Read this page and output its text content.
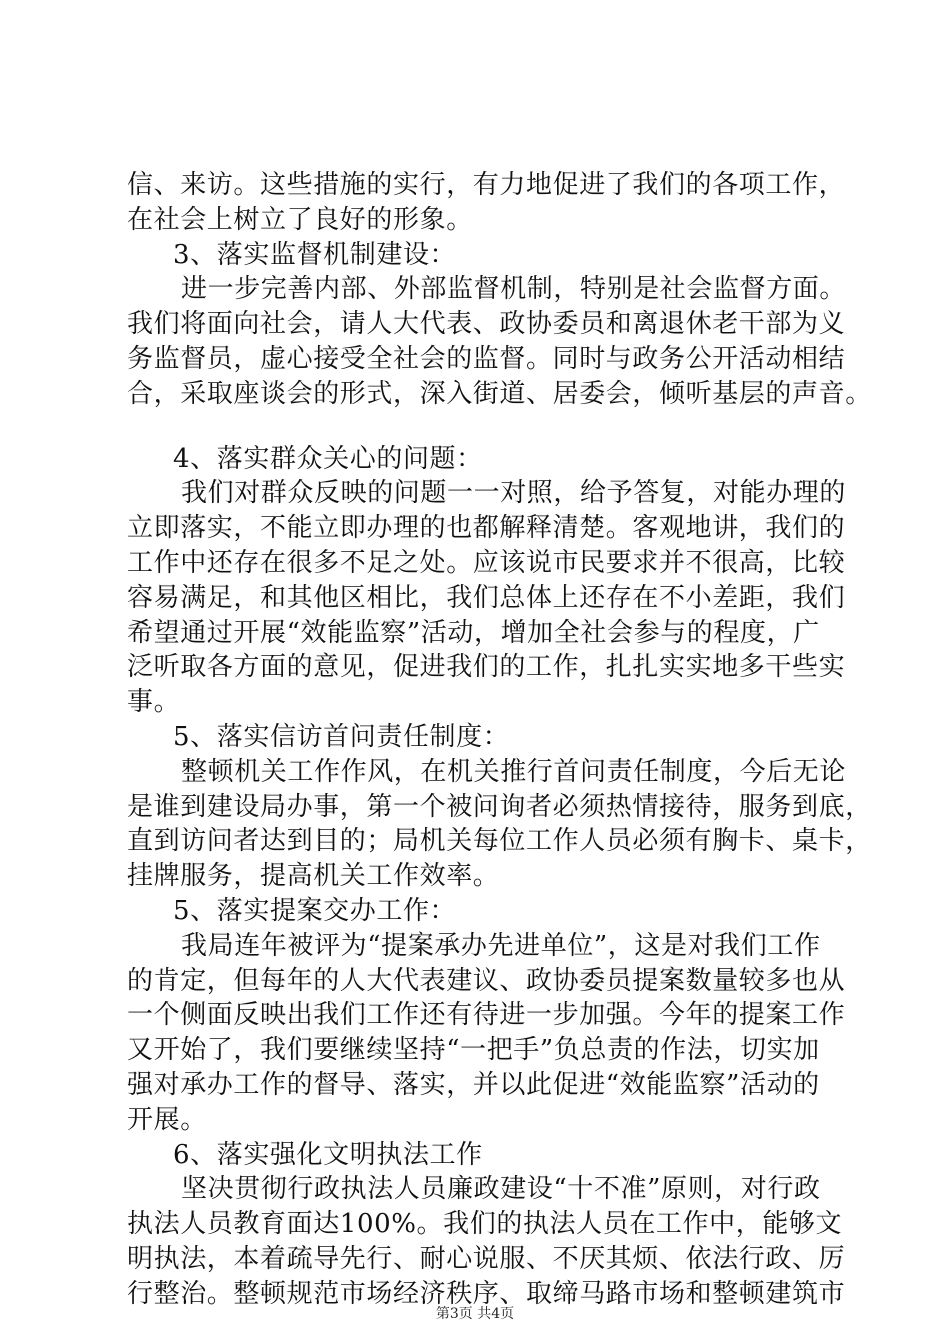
信、来访。这些措施的实行，有力地促进了我们的各项工作，
在社会上树立了良好的形象。
3、落实监督机制建设：
进一步完善内部、外部监督机制，特别是社会监督方面。
我们将面向社会，请人大代表、政协委员和离退休老干部为义
务监督员，虚心接受全社会的监督。同时与政务公开活动相结
合，采取座谈会的形式，深入街道、居委会，倾听基层的声音。
4、落实群众关心的问题：
我们对群众反映的问题一一对照，给予答复，对能办理的
立即落实，不能立即办理的也都解释清楚。客观地讲，我们的
工作中还存在很多不足之处。应该说市民要求并不很高，比较
容易满足，和其他区相比，我们总体上还存在不小差距，我们
希望通过开展“效能监察”活动，增加全社会参与的程度，广
泛听取各方面的意见，促进我们的工作，扎扎实实地多干些实
事。
5、落实信访首问责任制度：
整顿机关工作作风，在机关推行首问责任制度，今后无论
是谁到建设局办事，第一个被问询者必须热情接待，服务到底，
直到访问者达到目的；局机关每位工作人员必须有胸卡、桌卡，
挂牌服务，提高机关工作效率。
5、落实提案交办工作：
我局连年被评为“提案承办先进单位”，这是对我们工作
的肯定，但每年的人大代表建议、政协委员提案数量较多也从
一个侧面反映出我们工作还有待进一步加强。今年的提案工作
又开始了，我们要继续坚持“一把手”负总责的作法，切实加
强对承办工作的督导、落实，并以此促进“效能监察”活动的
开展。
6、落实强化文明执法工作
坚决贯彻行政执法人员廉政建设“十不准”原则，对行政
执法人员教育面达100%。我们的执法人员在工作中，能够文
明执法，本着疏导先行、耐心说服、不厌其烦、依法行政、厉
行整治。整顿规范市场经济秩序、取缔马路市场和整顿建筑市
第3页 共4页
